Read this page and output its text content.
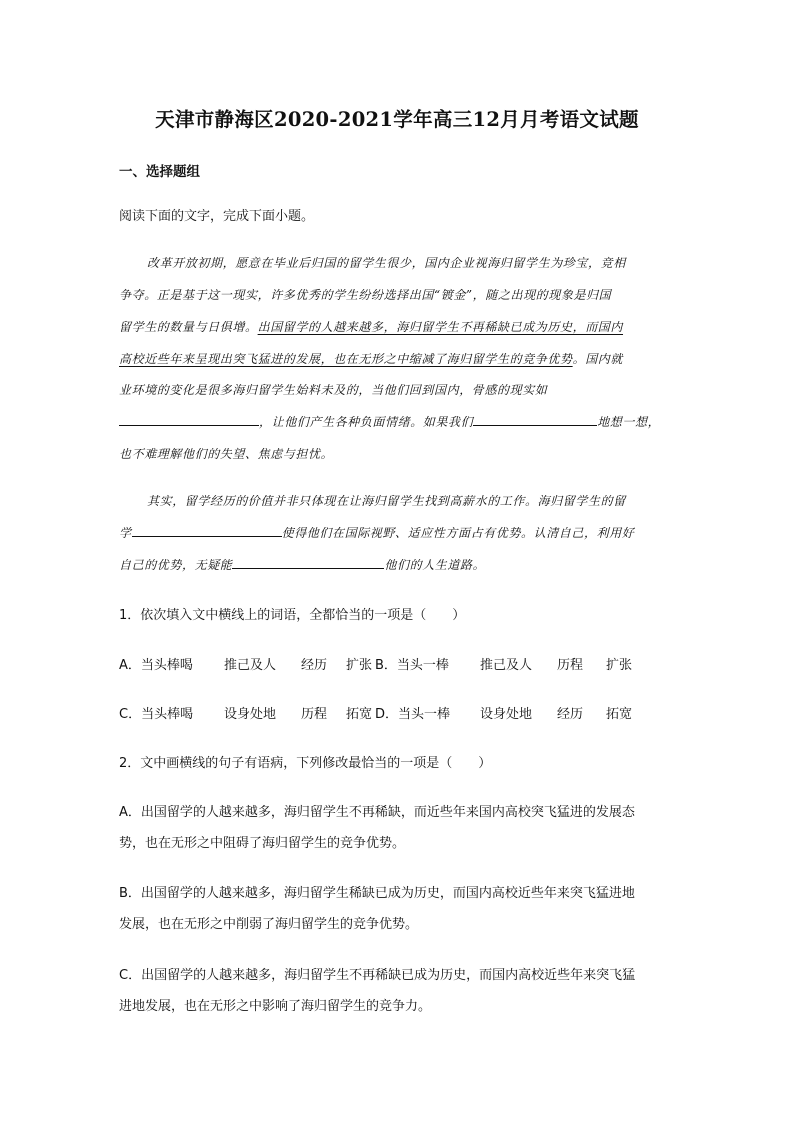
天津市静海区2020-2021学年高三12月月考语文试题
一、选择题组
阅读下面的文字，完成下面小题。
改革开放初期，愿意在毕业后归国的留学生很少，国内企业视海归留学生为珍宝，竞相
争夺。正是基于这一现实，许多优秀的学生纷纷选择出国“镀金”，随之出现的现象是归国
留学生的数量与日俱增。出国留学的人越来越多，海归留学生不再稀缺已成为历史，而国内
高校近些年来呈现出突飞猛进的发展，也在无形之中缩减了海归留学生的竞争优势。国内就
业环境的变化是很多海归留学生始料未及的，当他们回到国内，骨感的现实如
，让他们产生各种负面情绪。如果我们	地想一想，
也不难理解他们的失望、焦虑与担忧。
其实，留学经历的价值并非只体现在让海归留学生找到高薪水的工作。海归留学生的留
学	使得他们在国际视野、适应性方面占有优势。认清自己，利用好
自己的优势，无疑能	他们的人生道路。
1．依次填入文中横线上的词语，全都恰当的一项是（　　）
A．当头棒喝 推己及人 经历 扩张 B．当头一棒 推己及人 历程 扩张
C．当头棒喝 设身处地 历程 拓宽 D．当头一棒 设身处地 经历 拓宽
2．文中画横线的句子有语病，下列修改最恰当的一项是（　　）
A．出国留学的人越来越多，海归留学生不再稀缺，而近些年来国内高校突飞猛进的发展态
势，也在无形之中阻碍了海归留学生的竞争优势。
B．出国留学的人越来越多，海归留学生稀缺已成为历史，而国内高校近些年来突飞猛进地
发展，也在无形之中削弱了海归留学生的竞争优势。
C．出国留学的人越来越多，海归留学生不再稀缺已成为历史，而国内高校近些年来突飞猛
进地发展，也在无形之中影响了海归留学生的竞争力。
